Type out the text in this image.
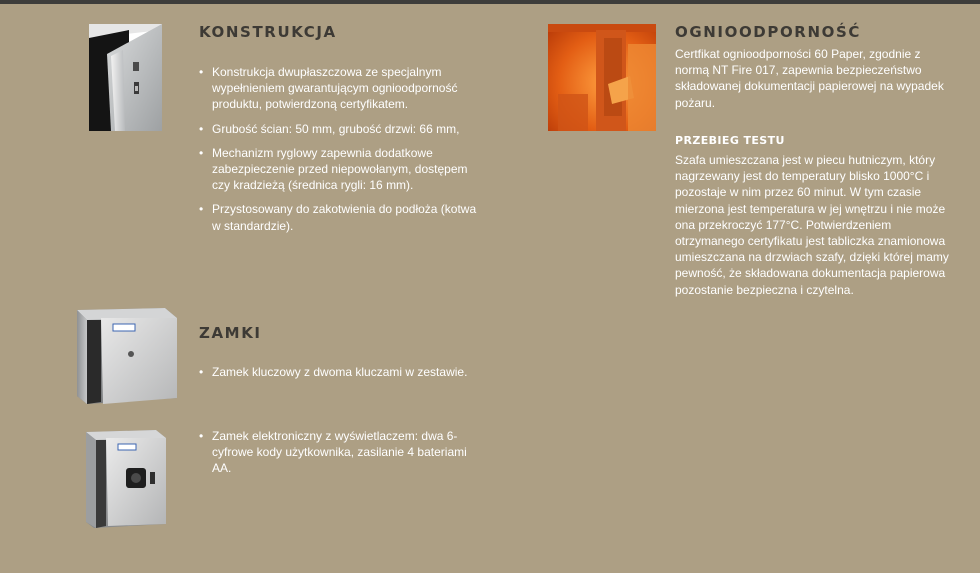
KONSTRUKCJA
• Konstrukcja dwupłaszczowa ze specjalnym wypełnieniem gwarantującym ognioodporność produktu, potwierdzoną certyfikatem.
• Grubość ścian: 50 mm, grubość drzwi: 66 mm,
• Mechanizm ryglowy zapewnia dodatkowe zabezpieczenie przed niepowołanym, dostępem czy kradzieżą (średnica rygli: 16 mm).
• Przystosowany do zakotwienia do podłoża (kotwa w standardzie).
ZAMKI
• Zamek kluczowy z dwoma kluczami w zestawie.
• Zamek elektroniczny z wyświetlaczem: dwa 6-cyfrowe kody użytkownika, zasilanie 4 bateriami AA.
OGNIOODPORNOŚĆ

Certfikat ognioodporności 60 Paper, zgodnie z normą NT Fire 017, zapewnia bezpieczeństwo składowanej dokumentacji papierowej na wypadek pożaru.

PRZEBIEG TESTU

Szafa umieszczana jest w piecu hutniczym, który nagrzewany jest do temperatury blisko 1000°C i pozostaje w nim przez 60 minut. W tym czasie mierzona jest temperatura w jej wnętrzu i nie może ona przekroczyć 177°C. Potwierdzeniem otrzymanego certyfikatu jest tabliczka znamionowa umieszczana na drzwiach szafy, dzięki której mamy pewność, że składowana dokumentacja papierowa pozostanie bezpieczna i czytelna.
